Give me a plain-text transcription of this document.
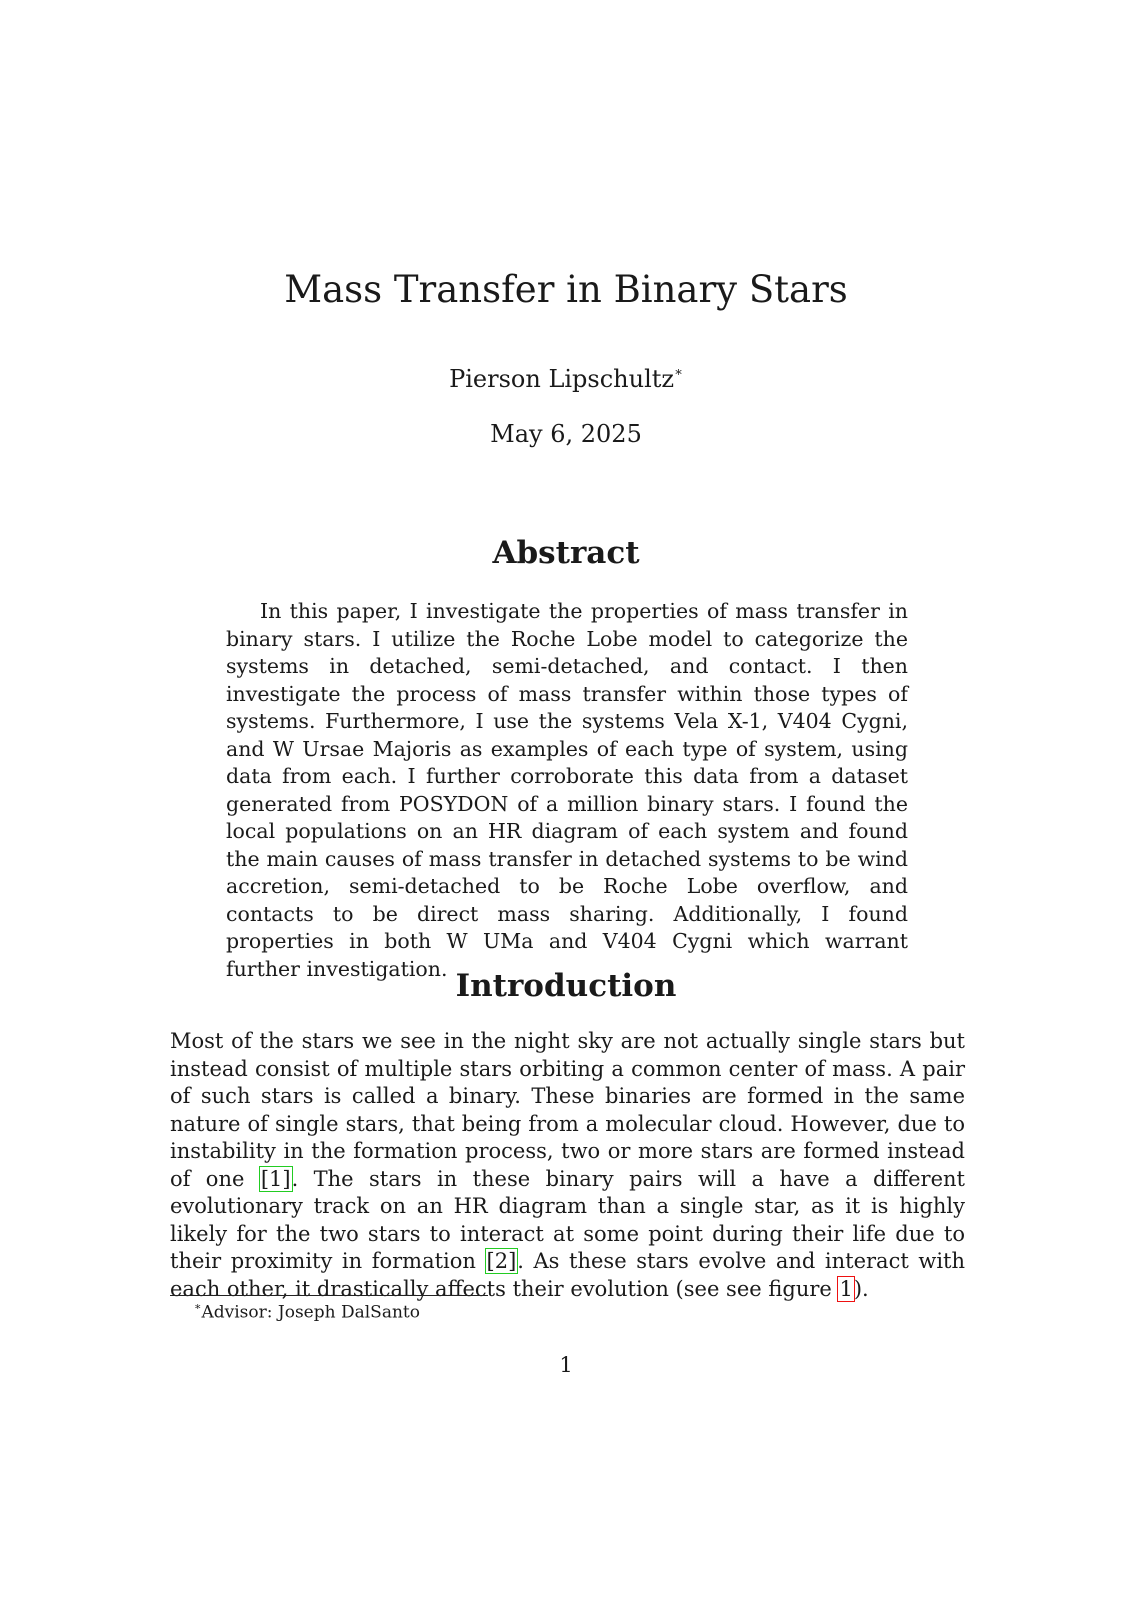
Mass Transfer in Binary Stars
Pierson Lipschultz∗
May 6, 2025
Abstract

In this paper, I investigate the properties of mass transfer in binary stars. I utilize the Roche Lobe model to categorize the systems in detached, semi-detached, and contact. I then investigate the process of mass transfer within those types of systems. Furthermore, I use the systems Vela X-1, V404 Cygni, and W Ursae Majoris as examples of each type of system, using data from each. I further corroborate this data from a dataset generated from POSYDON of a million binary stars. I found the local populations on an HR diagram of each system and found the main causes of mass transfer in detached systems to be wind accretion, semi-detached to be Roche Lobe overflow, and contacts to be direct mass sharing. Additionally, I found properties in both W UMa and V404 Cygni which warrant further investigation. Introduction

Most of the stars we see in the night sky are not actually single stars but instead consist of multiple stars orbiting a common center of mass. A pair of such stars is called a binary. These binaries are formed in the same nature of single stars, that being from a molecular cloud. However, due to instability in the formation process, two or more stars are formed instead of one [1]. The stars in these binary pairs will a have a different evolutionary track on an HR diagram than a single star, as it is highly likely for the two stars to interact at some point during their life due to their proximity in formation [2]. As these stars evolve and interact with each other, it drastically affects their evolution (see see figure 1).

∗Advisor: Joseph DalSanto
1
